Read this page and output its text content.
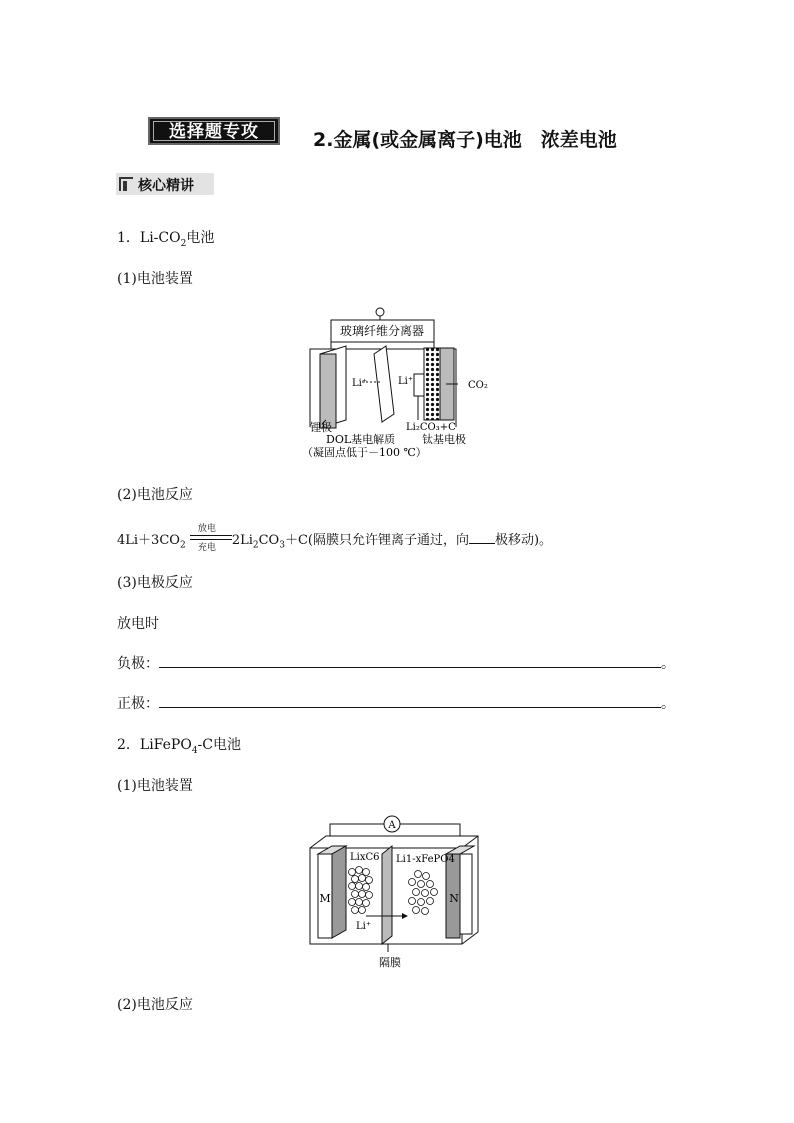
选择题专攻	2.金属(或金属离子)电池　浓差电池
核心精讲
1．$Li-CO_2$电池
(1)电池装置
玻璃纤维分离器
Li⁺	Li⁺	CO₂
Li₂CO₃+C
锂极
DOL基电解质 钛基电极
（凝固点低于－100 ℃）
(2)电池反应
$4Li+3CO_2$
放电
充电 $2Li_2CO_3+C$(隔膜只允许锂离子通过，向 极移动)。
(3)电极反应
放电时
负极：	。
正极：	。
2．LiFePO$_4$-C电池
(1)电池装置
A
M	N
LixC6 Li1-xFePO4
Li⁺
隔膜
(2)电池反应
